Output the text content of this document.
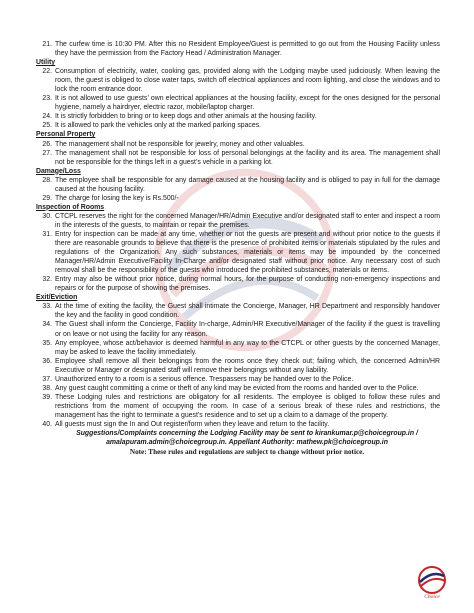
21. The curfew time is 10:30 PM. After this no Resident Employee/Guest is permitted to go out from the Housing Facility unless they have the permission from the Factory Head / Administration Manager.
Utility
22. Consumption of electricity, water, cooking gas, provided along with the Lodging maybe used judiciously. When leaving the room, the guest is obliged to close water taps, switch off electrical appliances and room lighting, and close the windows and to lock the room entrance door.
23. It is not allowed to use guests’ own electrical appliances at the housing facility, except for the ones designed for the personal hygiene, namely a hairdryer, electric razor, mobile/laptop charger.
24. It is strictly forbidden to bring or to keep dogs and other animals at the housing facility.
25. It is allowed to park the vehicles only at the marked parking spaces.
Personal Property
26. The management shall not be responsible for jewelry, money and other valuables.
27. The management shall not be responsible for loss of personal belongings at the facility and its area. The management shall not be responsible for the things left in a guest’s vehicle in a parking lot.
Damage/Loss
28. The employee shall be responsible for any damage caused at the housing facility and is obliged to pay in full for the damage caused at the housing facility.
29. The charge for losing the key is Rs.500/-
Inspection of Rooms
30. CTCPL reserves the right for the concerned Manager/HR/Admin Executive and/or designated staff to enter and inspect a room in the interests of the guests, to maintain or repair the premises.
31. Entry for inspection can be made at any time, whether or not the guests are present and without prior notice to the guests if there are reasonable grounds to believe that there is the presence of prohibited items or materials stipulated by the rules and regulations of the Organization. Any such substances, materials or items may be impounded by the concerned Manager/HR/Admin Executive/Facility In-Charge and/or designated staff without prior notice. Any necessary cost of such removal shall be the responsibility of the guests who introduced the prohibited substances, materials or items.
32. Entry may also be without prior notice, during normal hours, for the purpose of conducting non-emergency inspections and repairs or for the purpose of showing the premises.
Exit/Eviction
33. At the time of exiting the facility, the Guest shall intimate the Concierge, Manager, HR Department and responsibly handover the key and the facility in good condition.
34. The Guest shall inform the Concierge, Facility In-charge, Admin/HR Executive/Manager of the facility if the guest is travelling or on leave or not using the facility for any reason.
35. Any employee, whose act/behavior is deemed harmful in any way to the CTCPL or other guests by the concerned Manager, may be asked to leave the facility immediately.
36. Employee shall remove all their belongings from the rooms once they check out; failing which, the concerned Admin/HR Executive or Manager or designated staff will remove their belongings without any liability.
37. Unauthorized entry to a room is a serious offence. Trespassers may be handed over to the Police.
38. Any guest caught committing a crime or theft of any kind may be evicted from the rooms and handed over to the Police.
39. These Lodging rules and restrictions are obligatory for all residents. The employee is obliged to follow these rules and restrictions from the moment of occupying the room. In case of a serious break of these rules and restrictions, the management has the right to terminate a guest’s residence and to set up a claim to a damage of the property.
40. All guests must sign the In and Out register/form when they leave and return to the facility.
Suggestions/Complaints concerning the Lodging Facility may be sent to kirankumar.p@choicegroup.in /
amalapuram.admin@choicegroup.in. Appellant Authority: mathew.pk@choicegroup.in
Note: These rules and regulations are subject to change without prior notice.
Choice
